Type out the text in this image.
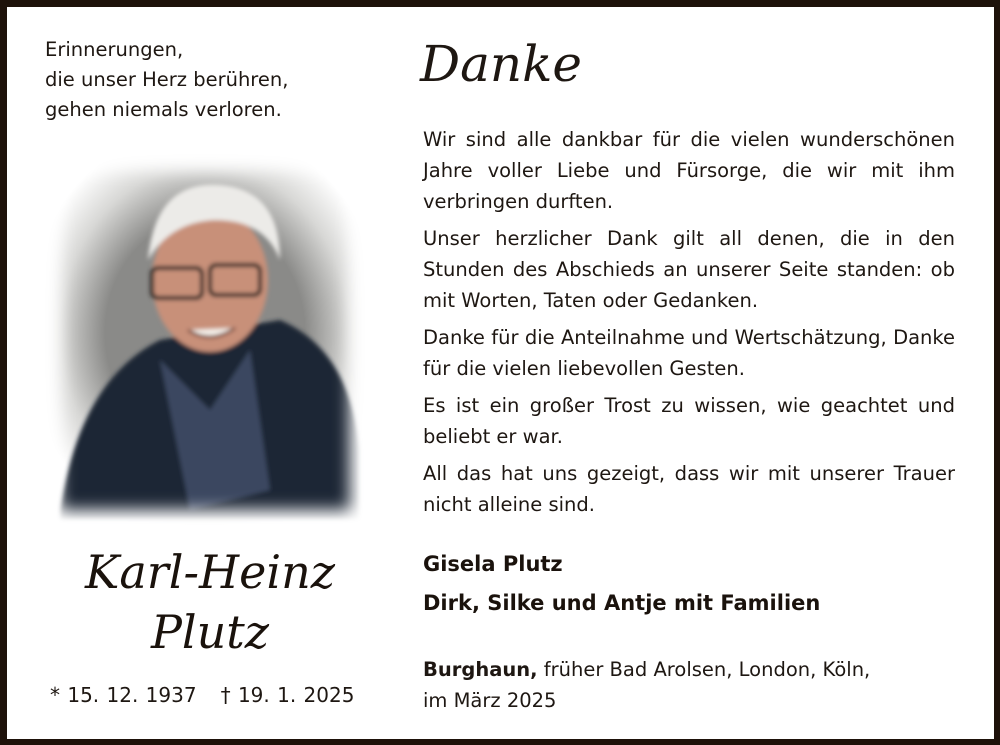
Erinnerungen,
die unser Herz berühren,
gehen niemals verloren.
Karl-Heinz
Plutz
* 15. 12. 1937 † 19. 1. 2025
Danke

Wir sind alle dankbar für die vielen wunderschönen Jahre voller Liebe und Fürsorge, die wir mit ihm verbringen durften.

Unser herzlicher Dank gilt all denen, die in den Stunden des Abschieds an unserer Seite standen: ob mit Worten, Taten oder Gedanken.

Danke für die Anteilnahme und Wertschätzung, Danke für die vielen liebevollen Gesten.

Es ist ein großer Trost zu wissen, wie geachtet und beliebt er war.

All das hat uns gezeigt, dass wir mit unserer Trauer nicht alleine sind.

Gisela Plutz
Dirk, Silke und Antje mit Familien
Burghaun, früher Bad Arolsen, London, Köln,
im März 2025
